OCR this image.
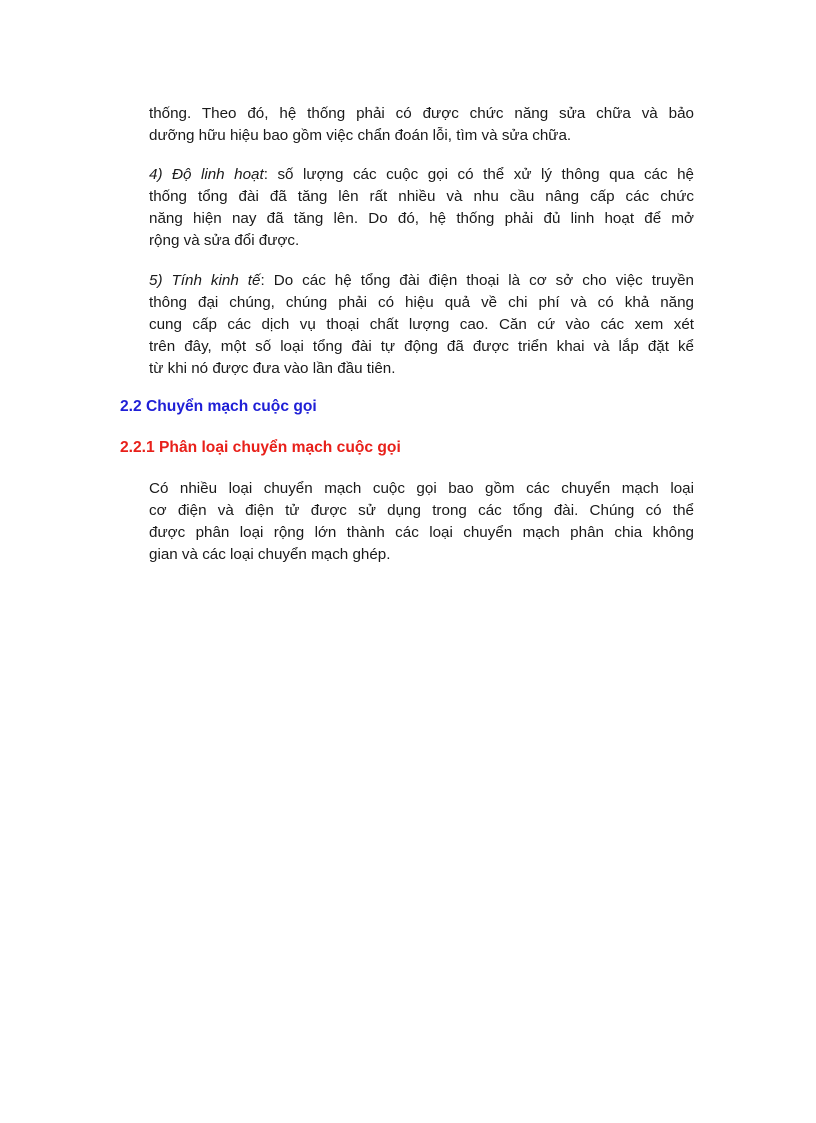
thống. Theo đó, hệ thống phải có được chức năng sửa chữa và bảo
dưỡng hữu hiệu bao gồm việc chẩn đoán lỗi, tìm và sửa chữa.

4) Độ linh hoạt: số lượng các cuộc gọi có thể xử lý thông qua các hệ
thống tổng đài đã tăng lên rất nhiều và nhu cầu nâng cấp các chức
năng hiện nay đã tăng lên. Do đó, hệ thống phải đủ linh hoạt để mở
rộng và sửa đổi được.

5) Tính kinh tế: Do các hệ tổng đài điện thoại là cơ sở cho việc truyền
thông đại chúng, chúng phải có hiệu quả về chi phí và có khả năng
cung cấp các dịch vụ thoại chất lượng cao. Căn cứ vào các xem xét
trên đây, một số loại tổng đài tự động đã được triển khai và lắp đặt kể
từ khi nó được đưa vào lần đầu tiên.

2.2 Chuyển mạch cuộc gọi
2.2.1 Phân loại chuyển mạch cuộc gọi

Có nhiều loại chuyển mạch cuộc gọi bao gồm các chuyển mạch loại
cơ điện và điện tử được sử dụng trong các tổng đài. Chúng có thể
được phân loại rộng lớn thành các loại chuyển mạch phân chia không
gian và các loại chuyển mạch ghép.
